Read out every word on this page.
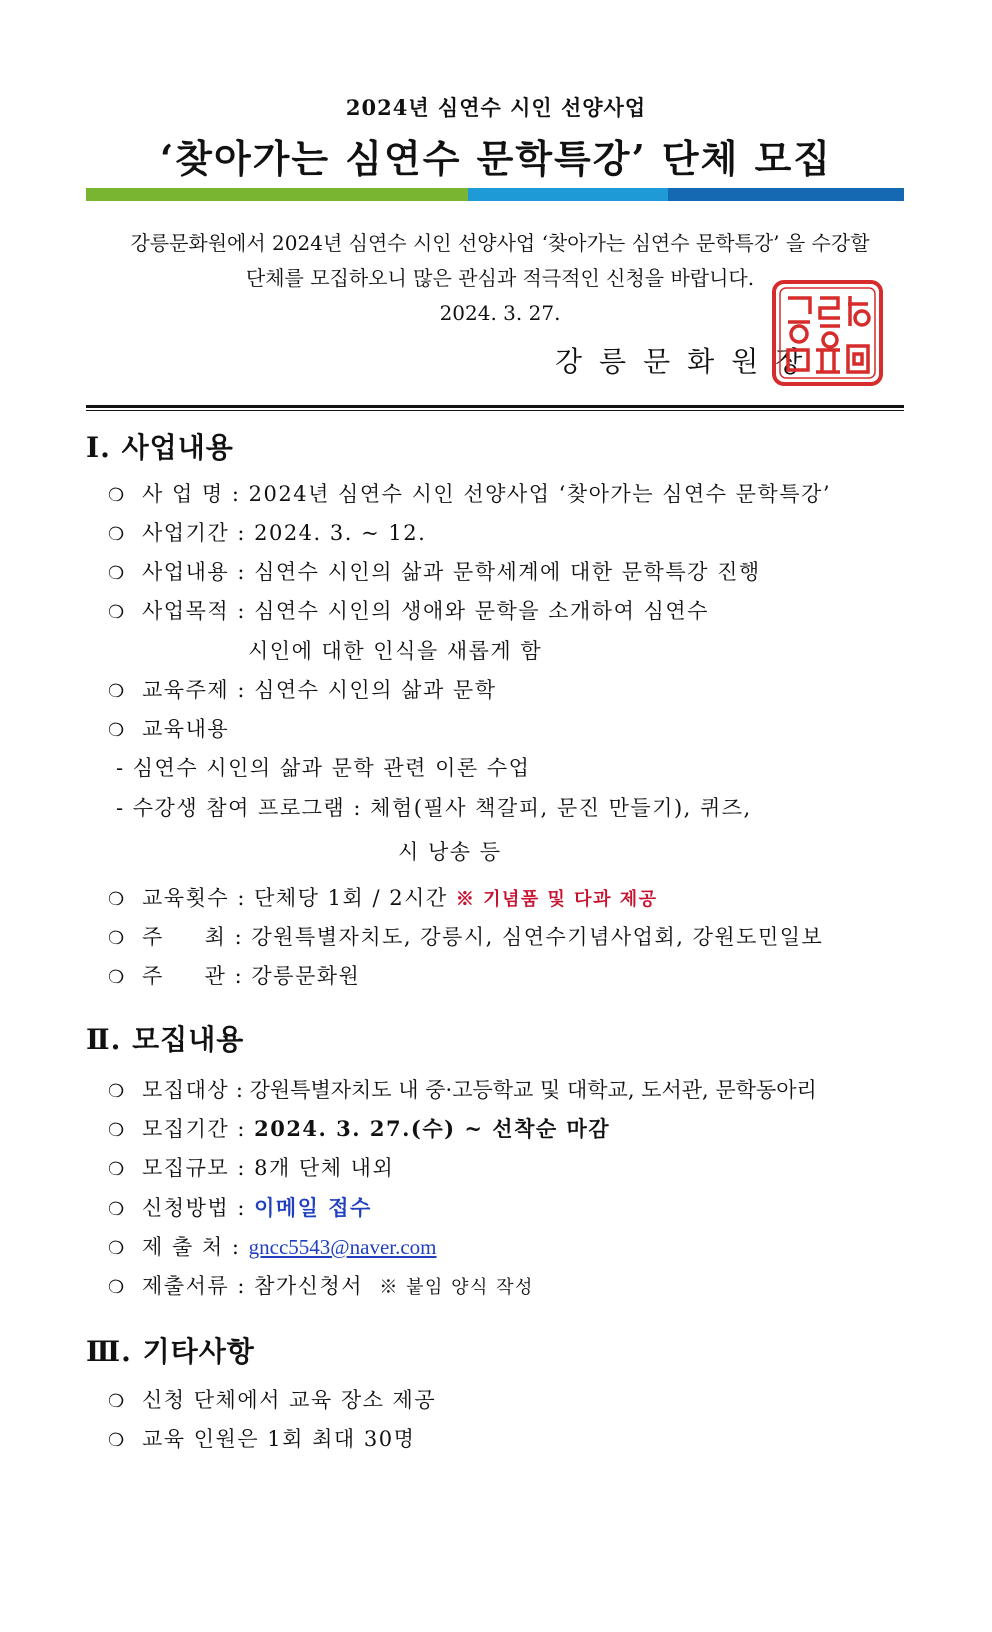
2024년 심연수 시인 선양사업
‘찾아가는 심연수 문학특강’ 단체 모집
강릉문화원에서 2024년 심연수 시인 선양사업 ‘찾아가는 심연수 문학특강’ 을 수강할
단체를 모집하오니 많은 관심과 적극적인 신청을 바랍니다.
2024. 3. 27.
강릉문화원장
Ⅰ. 사업내용
❍ 사 업 명 : 2024년 심연수 시인 선양사업 ‘찾아가는 심연수 문학특강’
❍ 사업기간 : 2024. 3. ~ 12.
❍ 사업내용 : 심연수 시인의 삶과 문학세계에 대한 문학특강 진행
❍ 사업목적 : 심연수 시인의 생애와 문학을 소개하여 심연수
시인에 대한 인식을 새롭게 함
❍ 교육주제 : 심연수 시인의 삶과 문학
❍ 교육내용
- 심연수 시인의 삶과 문학 관련 이론 수업
- 수강생 참여 프로그램 : 체험(필사 책갈피, 문진 만들기), 퀴즈,
시 낭송 등
❍ 교육횟수 : 단체당 1회 / 2시간 ※ 기념품 및 다과 제공
❍ 주     최 : 강원특별자치도, 강릉시, 심연수기념사업회, 강원도민일보
❍ 주     관 : 강릉문화원
Ⅱ. 모집내용
❍ 모집대상 : 강원특별자치도 내 중·고등학교 및 대학교, 도서관, 문학동아리
❍ 모집기간 : 2024. 3. 27.(수) ~ 선착순 마감
❍ 모집규모 : 8개 단체 내외
❍ 신청방법 : 이메일 접수
❍ 제 출 처 : gncc5543@naver.com
❍ 제출서류 : 참가신청서 ※ 붙임 양식 작성
Ⅲ. 기타사항
❍ 신청 단체에서 교육 장소 제공
❍ 교육 인원은 1회 최대 30명
